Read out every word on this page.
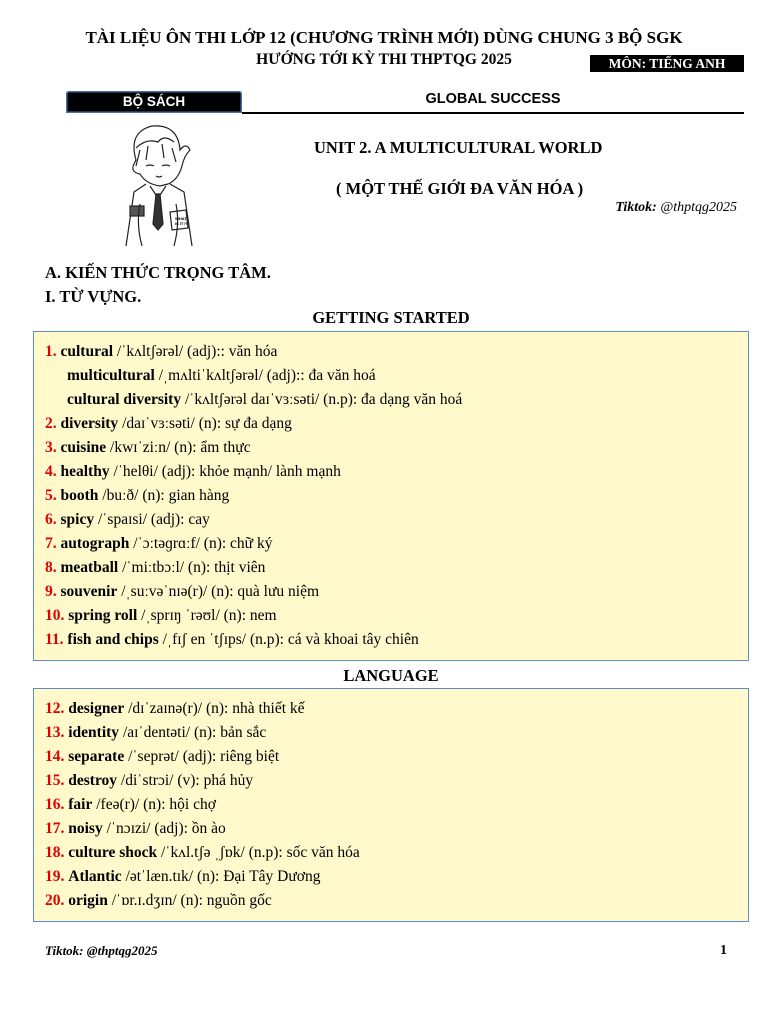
TÀI LIỆU ÔN THI LỚP 12 (CHƯƠNG TRÌNH MỚI) DÙNG CHUNG 3 BỘ SGK
HƯỚNG TỚI KỲ THI THPTQG 2025	MÔN: TIẾNG ANH
BỘ SÁCH	GLOBAL SUCCESS
WHAT IS IT?!
UNIT 2. A MULTICULTURAL WORLD
( MỘT THẾ GIỚI ĐA VĂN HÓA )
Tiktok: @thptqg2025
A. KIẾN THỨC TRỌNG TÂM.
I. TỪ VỰNG.
GETTING STARTED
1. cultural /ˈkʌltʃərəl/ (adj):: văn hóa
multicultural /ˌmʌltiˈkʌltʃərəl/ (adj):: đa văn hoá
cultural diversity /ˈkʌltʃərəl daɪˈvɜːsəti/ (n.p): đa dạng văn hoá
2. diversity /daɪˈvɜːsəti/ (n): sự đa dạng
3. cuisine /kwɪˈziːn/ (n): ẩm thực
4. healthy /ˈhelθi/ (adj): khỏe mạnh/ lành mạnh
5. booth /buːð/ (n): gian hàng
6. spicy /ˈspaɪsi/ (adj): cay
7. autograph /ˈɔːtəɡrɑːf/ (n): chữ ký
8. meatball /ˈmiːtbɔːl/ (n): thịt viên
9. souvenir /ˌsuːvəˈnɪə(r)/ (n): quà lưu niệm
10. spring roll /ˌsprɪŋ ˈrəʊl/ (n): nem
11. fish and chips /ˌfɪʃ en ˈtʃɪps/ (n.p): cá và khoai tây chiên
LANGUAGE
12. designer /dɪˈzaɪnə(r)/ (n): nhà thiết kế
13. identity /aɪˈdentəti/ (n): bản sắc
14. separate /ˈseprət/ (adj): riêng biệt
15. destroy /diˈstrɔi/ (v): phá hủy
16. fair /feə(r)/ (n): hội chợ
17. noisy /ˈnɔɪzi/ (adj): ồn ào
18. culture shock /ˈkʌl.tʃə ˌʃɒk/ (n.p): sốc văn hóa
19. Atlantic /ətˈlæn.tɪk/ (n): Đại Tây Dương
20. origin /ˈɒr.ɪ.dʒɪn/ (n): nguồn gốc
Tiktok: @thptqg2025	1
